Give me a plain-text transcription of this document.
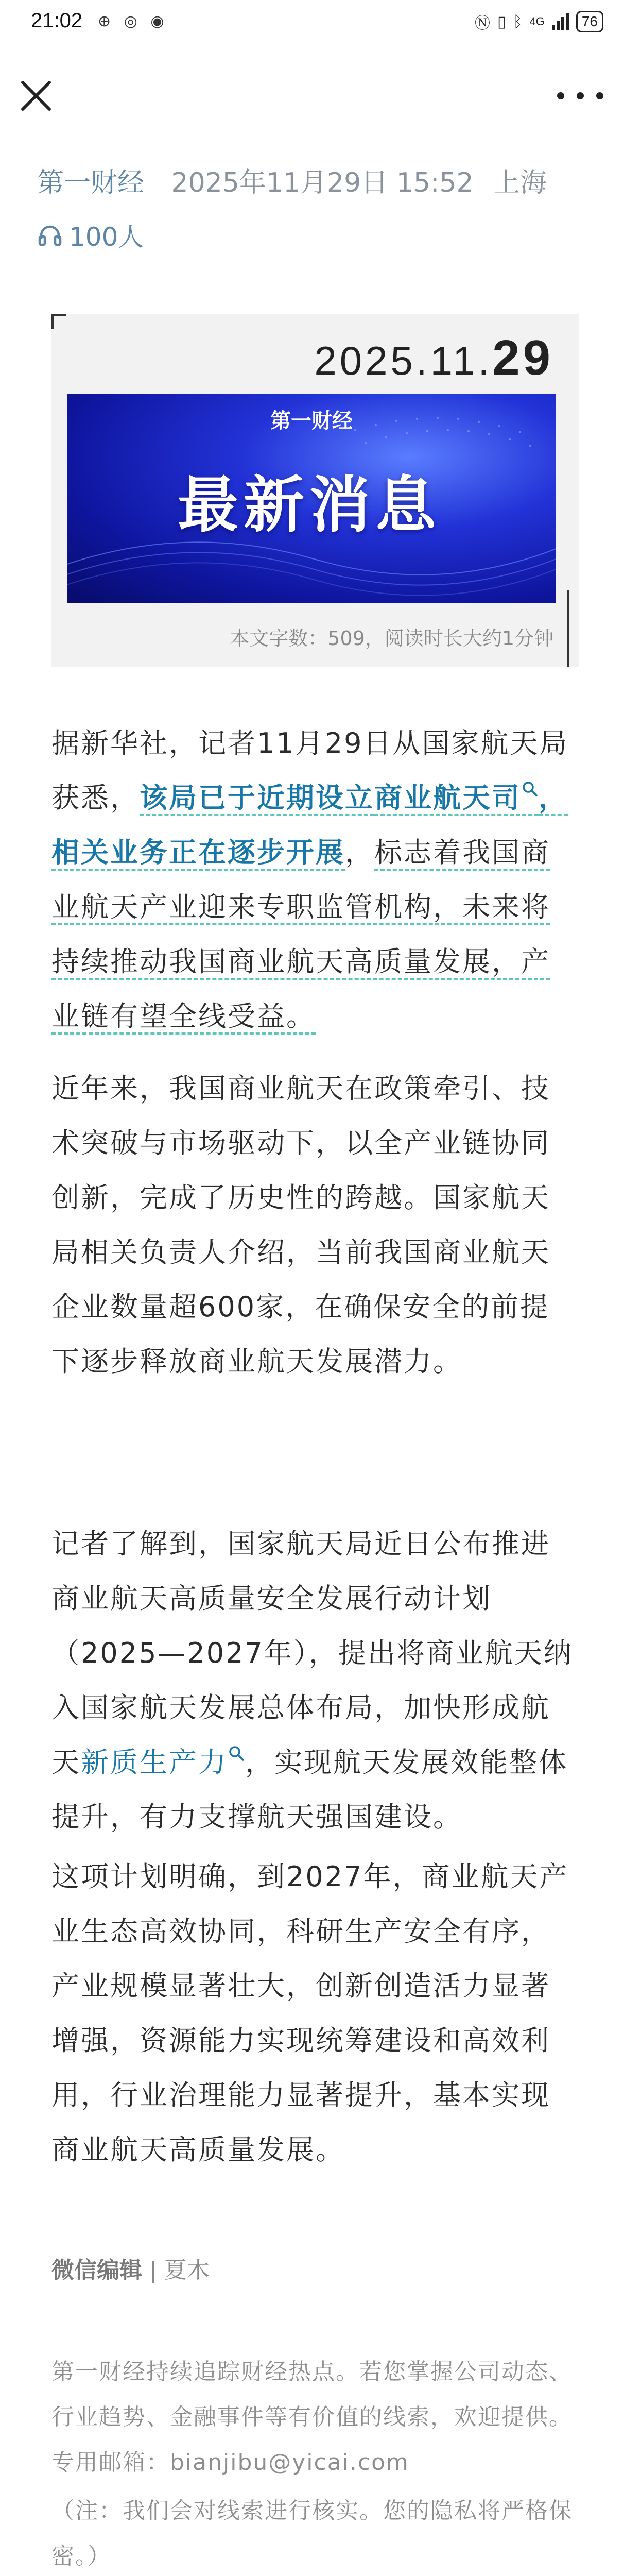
21:02 ⊕ ◎ ◉	Ⓝ ▯ ᛒ 4G	76
第一财经 2025年11月29日 15:52 上海
100人
2025.11.29
第一财经
最新消息
本文字数：509，阅读时长大约1分钟
据新华社，记者11月29日从国家航天局获悉，该局已于近期设立商业航天司 ，相关业务正在逐步开展，标志着我国商业航天产业迎来专职监管机构，未来将持续推动我国商业航天高质量发展，产业链有望全线受益。
近年来，我国商业航天在政策牵引、技术突破与市场驱动下，以全产业链协同创新，完成了历史性的跨越。国家航天局相关负责人介绍，当前我国商业航天企业数量超600家，在确保安全的前提下逐步释放商业航天发展潜力。
记者了解到，国家航天局近日公布推进商业航天高质量安全发展行动计划（2025—2027年），提出将商业航天纳入国家航天发展总体布局，加快形成航天新质生产力 ，实现航天发展效能整体提升，有力支撑航天强国建设。
这项计划明确，到2027年，商业航天产业生态高效协同，科研生产安全有序，产业规模显著壮大，创新创造活力显著增强，资源能力实现统筹建设和高效利用，行业治理能力显著提升，基本实现商业航天高质量发展。
微信编辑 | 夏木
第一财经持续追踪财经热点。若您掌握公司动态、行业趋势、金融事件等有价值的线索，欢迎提供。专用邮箱：bianjibu@yicai.com
（注：我们会对线索进行核实。您的隐私将严格保密。）
